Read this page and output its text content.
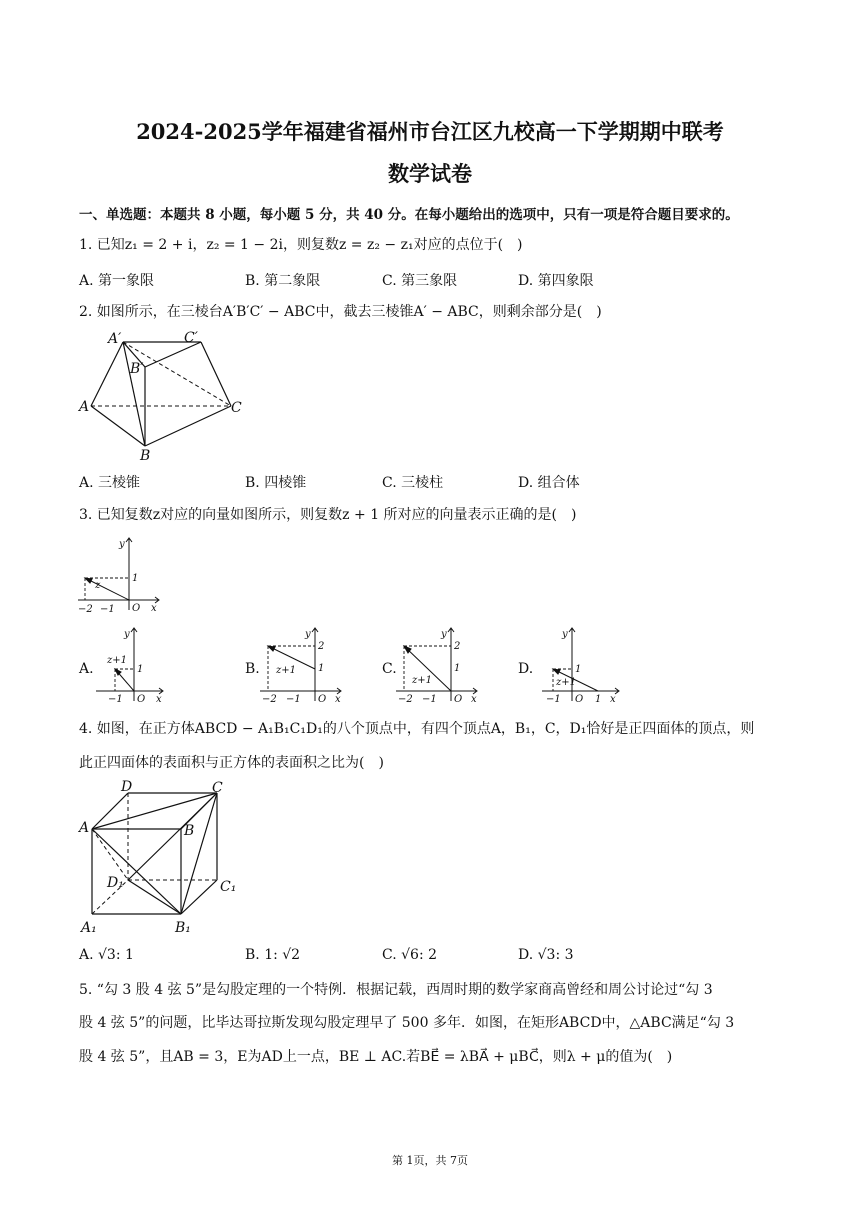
2024-2025学年福建省福州市台江区九校高一下学期期中联考
数学试卷
一、单选题：本题共 8 小题，每小题 5 分，共 40 分。在每小题给出的选项中，只有一项是符合题目要求的。
1. 已知z₁ = 2 + i，z₂ = 1 − 2i，则复数z = z₂ − z₁对应的点位于(　)
A. 第一象限	B. 第二象限	C. 第三象限	D. 第四象限
2. 如图所示，在三棱台A′B′C′ − ABC中，截去三棱锥A′ − ABC，则剩余部分是(　)
A′	C′
B′
A	C
B
A. 三棱锥	B. 四棱锥	C. 三棱柱	D. 组合体
3. 已知复数z对应的向量如图所示，则复数z + 1 所对应的向量表示正确的是(　)
y
x
O
1
−1
−2
z
A.
y
x
O
1
−1
z+1
B.
y
x
O
1
2
−1
−2
z+1	C.
y
x
O
1
2
−1
−2
z+1
D.
y
x
O
1
−1	1
z+1
4. 如图，在正方体ABCD − A₁B₁C₁D₁的八个顶点中，有四个顶点A，B₁，C，D₁恰好是正四面体的顶点，则
此正四面体的表面积与正方体的表面积之比为(　)
D	C
A	B
D₁	C₁
A₁	B₁
A. √3: 1	B. 1: √2	C. √6: 2	D. √3: 3
5. “勾 3 股 4 弦 5”是勾股定理的一个特例．根据记载，西周时期的数学家商高曾经和周公讨论过“勾 3
股 4 弦 5”的问题，比毕达哥拉斯发现勾股定理早了 500 多年．如图，在矩形ABCD中，△ABC满足“勾 3
股 4 弦 5”，且AB = 3，E为AD上一点，BE ⊥ AC.若BE⃗ = λBA⃗ + μBC⃗，则λ + μ的值为(　)
第 1页，共 7页
